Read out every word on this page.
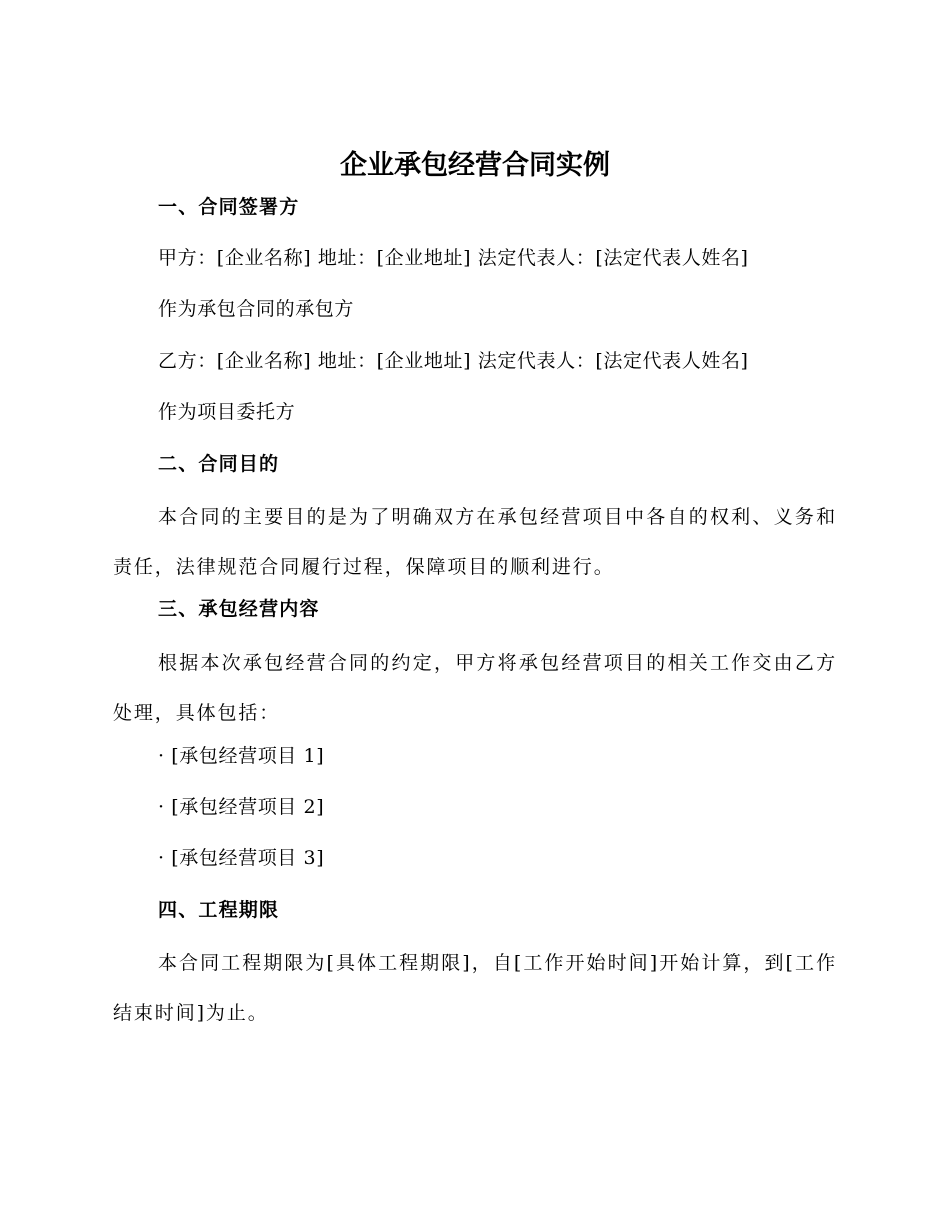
企业承包经营合同实例

一、合同签署方

甲方：[企业名称] 地址：[企业地址] 法定代表人：[法定代表人姓名]

作为承包合同的承包方

乙方：[企业名称] 地址：[企业地址] 法定代表人：[法定代表人姓名]

作为项目委托方

二、合同目的

本合同的主要目的是为了明确双方在承包经营项目中各自的权利、义务和责任，法律规范合同履行过程，保障项目的顺利进行。

三、承包经营内容

根据本次承包经营合同的约定，甲方将承包经营项目的相关工作交由乙方处理，具体包括：

· [承包经营项目 1]

· [承包经营项目 2]

· [承包经营项目 3]

四、工程期限

本合同工程期限为[具体工程期限]，自[工作开始时间]开始计算，到[工作结束时间]为止。
